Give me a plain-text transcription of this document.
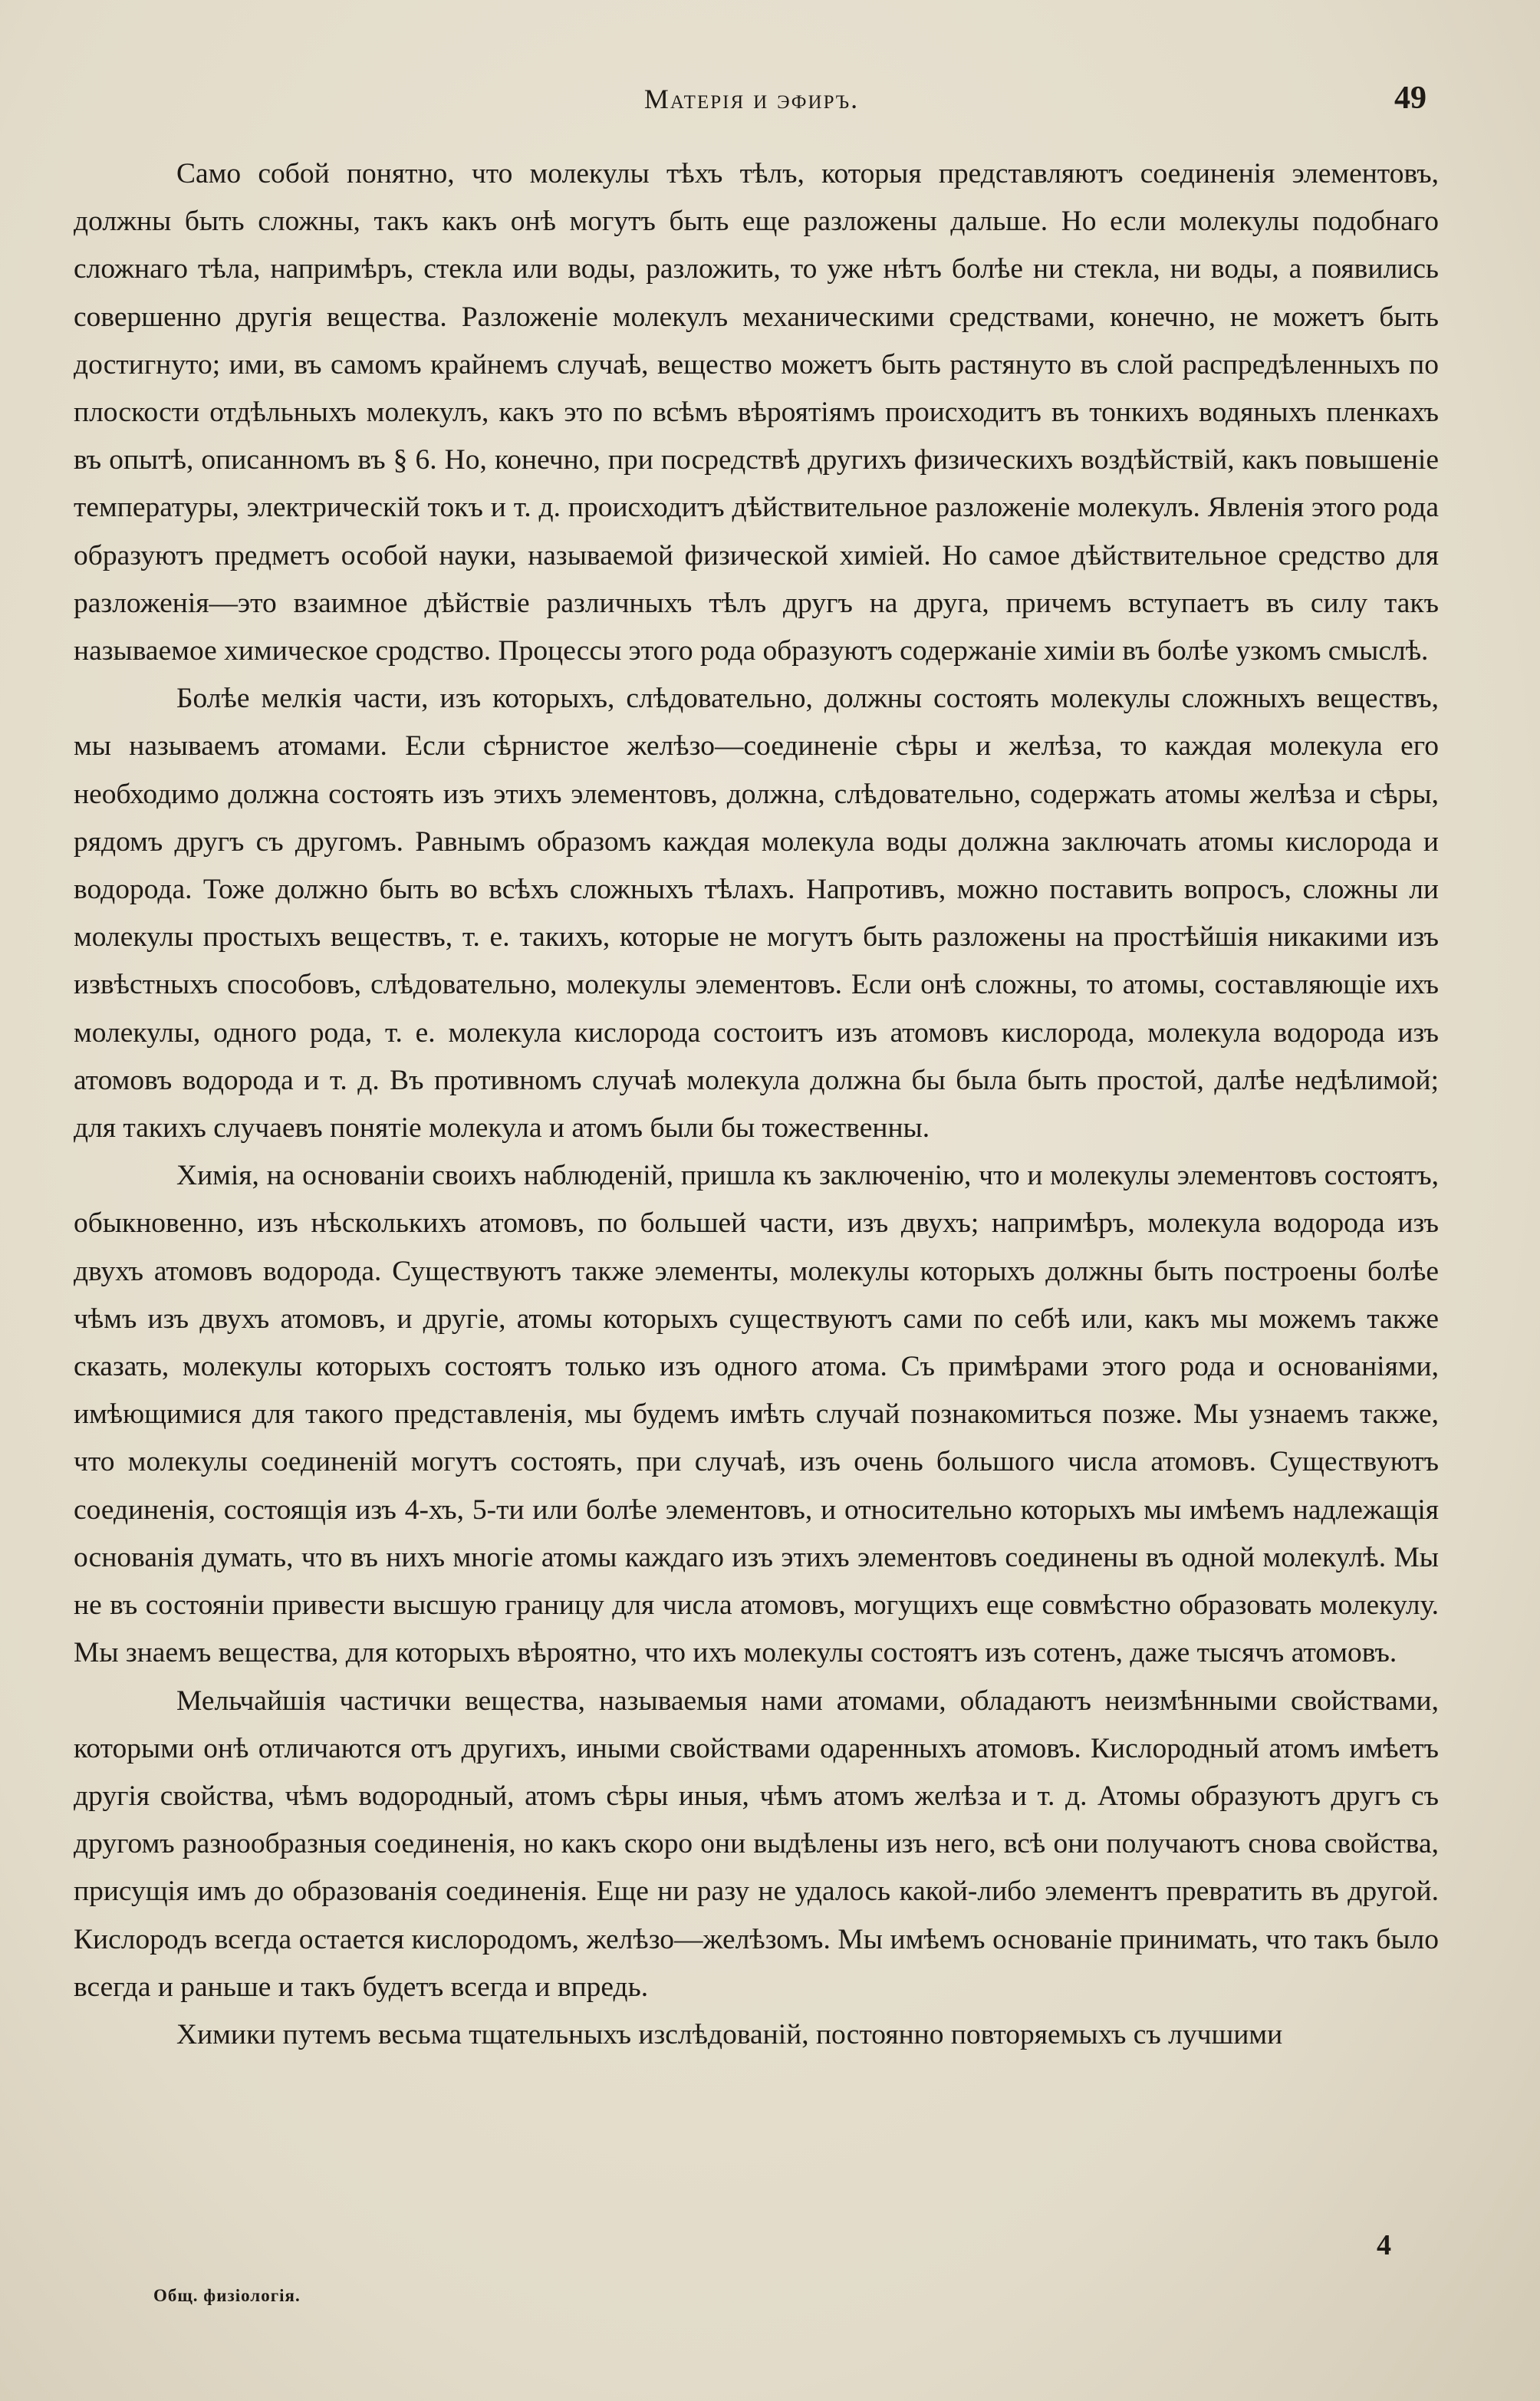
Матерія и эфиръ.	49

Само собой понятно, что молекулы тѣхъ тѣлъ, которыя представляютъ соединенія элементовъ, должны быть сложны, такъ какъ онѣ могутъ быть еще разложены дальше. Но если молекулы подобнаго сложнаго тѣла, напримѣръ, стекла или воды, разложить, то уже нѣтъ болѣе ни стекла, ни воды, а появились совершенно другія вещества. Разложеніе молекулъ механическими средствами, конечно, не можетъ быть достигнуто; ими, въ самомъ крайнемъ случаѣ, вещество можетъ быть растянуто въ слой распредѣленныхъ по плоскости отдѣльныхъ молекулъ, какъ это по всѣмъ вѣроятіямъ происходитъ въ тонкихъ водяныхъ пленкахъ въ опытѣ, описанномъ въ § 6. Но, конечно, при посредствѣ другихъ физическихъ воздѣйствій, какъ повышеніе температуры, электрическій токъ и т. д. происходитъ дѣйствительное разложеніе молекулъ. Явленія этого рода образуютъ предметъ особой науки, называемой физической химіей. Но самое дѣйствительное средство для разложенія—это взаимное дѣйствіе различныхъ тѣлъ другъ на друга, причемъ вступаетъ въ силу такъ называемое химическое сродство. Процессы этого рода образуютъ содержаніе химіи въ болѣе узкомъ смыслѣ.

Болѣе мелкія части, изъ которыхъ, слѣдовательно, должны состоять молекулы сложныхъ веществъ, мы называемъ атомами. Если сѣрнистое желѣзо—соединеніе сѣры и желѣза, то каждая молекула его необходимо должна состоять изъ этихъ элементовъ, должна, слѣдовательно, содержать атомы желѣза и сѣры, рядомъ другъ съ другомъ. Равнымъ образомъ каждая молекула воды должна заключать атомы кислорода и водорода. Тоже должно быть во всѣхъ сложныхъ тѣлахъ. Напротивъ, можно поставить вопросъ, сложны ли молекулы простыхъ веществъ, т. е. такихъ, которые не могутъ быть разложены на простѣйшія никакими изъ извѣстныхъ способовъ, слѣдовательно, молекулы элементовъ. Если онѣ сложны, то атомы, составляющіе ихъ молекулы, одного рода, т. е. молекула кислорода состоитъ изъ атомовъ кислорода, молекула водорода изъ атомовъ водорода и т. д. Въ противномъ случаѣ молекула должна бы была быть простой, далѣе недѣлимой; для такихъ случаевъ понятіе молекула и атомъ были бы тожественны.

Химія, на основаніи своихъ наблюденій, пришла къ заключенію, что и молекулы элементовъ состоятъ, обыкновенно, изъ нѣсколькихъ атомовъ, по большей части, изъ двухъ; напримѣръ, молекула водорода изъ двухъ атомовъ водорода. Существуютъ также элементы, молекулы которыхъ должны быть построены болѣе чѣмъ изъ двухъ атомовъ, и другіе, атомы которыхъ существуютъ сами по себѣ или, какъ мы можемъ также сказать, молекулы которыхъ состоятъ только изъ одного атома. Съ примѣрами этого рода и основаніями, имѣющимися для такого представленія, мы будемъ имѣть случай познакомиться позже. Мы узнаемъ также, что молекулы соединеній могутъ состоять, при случаѣ, изъ очень большого числа атомовъ. Существуютъ соединенія, состоящія изъ 4-хъ, 5-ти или болѣе элементовъ, и относительно которыхъ мы имѣемъ надлежащія основанія думать, что въ нихъ многіе атомы каждаго изъ этихъ элементовъ соединены въ одной молекулѣ. Мы не въ состояніи привести высшую границу для числа атомовъ, могущихъ еще совмѣстно образовать молекулу. Мы знаемъ вещества, для которыхъ вѣроятно, что ихъ молекулы состоятъ изъ сотенъ, даже тысячъ атомовъ.

Мельчайшія частички вещества, называемыя нами атомами, обладаютъ неизмѣнными свойствами, которыми онѣ отличаются отъ другихъ, иными свойствами одаренныхъ атомовъ. Кислородный атомъ имѣетъ другія свойства, чѣмъ водородный, атомъ сѣры иныя, чѣмъ атомъ желѣза и т. д. Атомы образуютъ другъ съ другомъ разнообразныя соединенія, но какъ скоро они выдѣлены изъ него, всѣ они получаютъ снова свойства, присущія имъ до образованія соединенія. Еще ни разу не удалось какой-либо элементъ превратить въ другой. Кислородъ всегда остается кислородомъ, желѣзо—желѣзомъ. Мы имѣемъ основаніе принимать, что такъ было всегда и раньше и такъ будетъ всегда и впредь.

Химики путемъ весьма тщательныхъ изслѣдованій, постоянно повторяемыхъ съ лучшими

4
Общ. физіологія.
